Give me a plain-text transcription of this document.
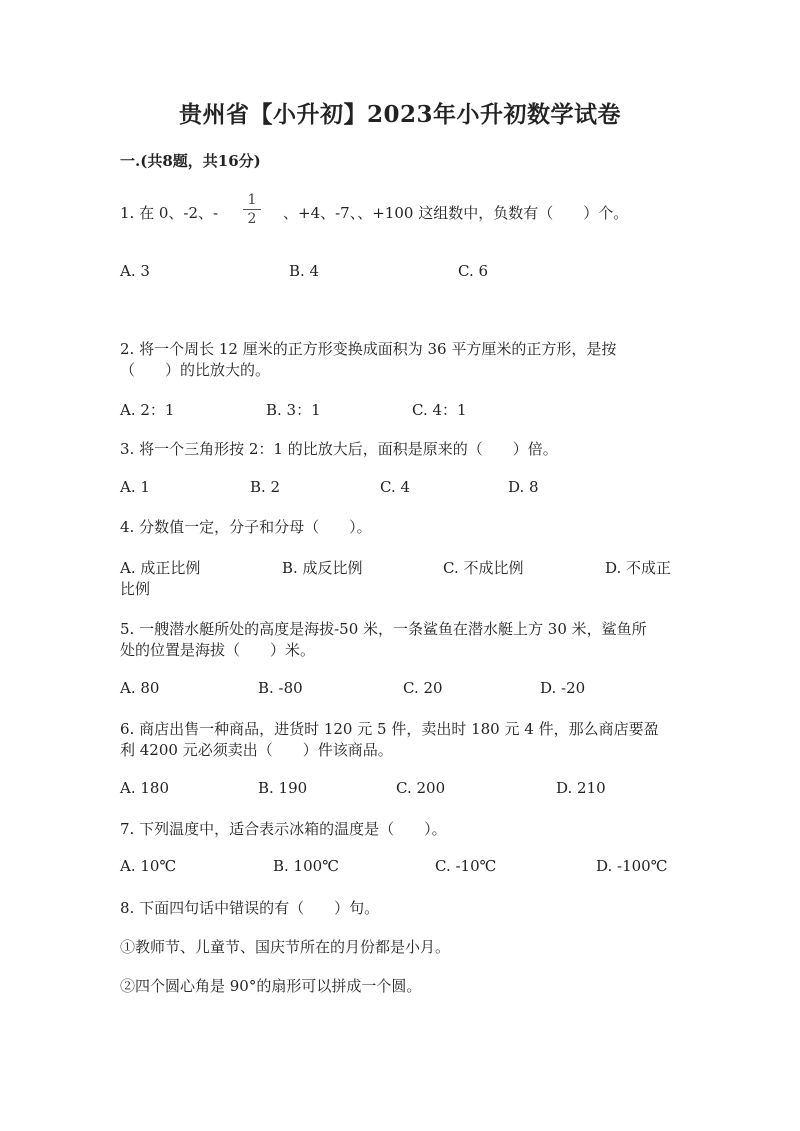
贵州省【小升初】2023年小升初数学试卷
一.(共8题，共16分)
1. 在 0、-2、-
1
2	、+4、-7、、+100 这组数中，负数有（　　）个。
A. 3	B. 4	C. 6
2. 将一个周长 12 厘米的正方形变换成面积为 36 平方厘米的正方形，是按
（　　）的比放大的。
A. 2：1	B. 3：1	C. 4：1
3. 将一个三角形按 2：1 的比放大后，面积是原来的（　　）倍。
A. 1	B. 2	C. 4	D. 8
4. 分数值一定，分子和分母（　　）。
A. 成正比例	B. 成反比例	C. 不成比例	D. 不成正
比例
5. 一艘潜水艇所处的高度是海拔-50 米，一条鲨鱼在潜水艇上方 30 米，鲨鱼所
处的位置是海拔（　　）米。
A. 80	B. -80	C. 20	D. -20
6. 商店出售一种商品，进货时 120 元 5 件，卖出时 180 元 4 件，那么商店要盈
利 4200 元必须卖出（　　）件该商品。
A. 180	B. 190	C. 200	D. 210
7. 下列温度中，适合表示冰箱的温度是（　　）。
A. 10℃	B. 100℃	C. -10℃	D. -100℃
8. 下面四句话中错误的有（　　）句。
①教师节、儿童节、国庆节所在的月份都是小月。
②四个圆心角是 90°的扇形可以拼成一个圆。
